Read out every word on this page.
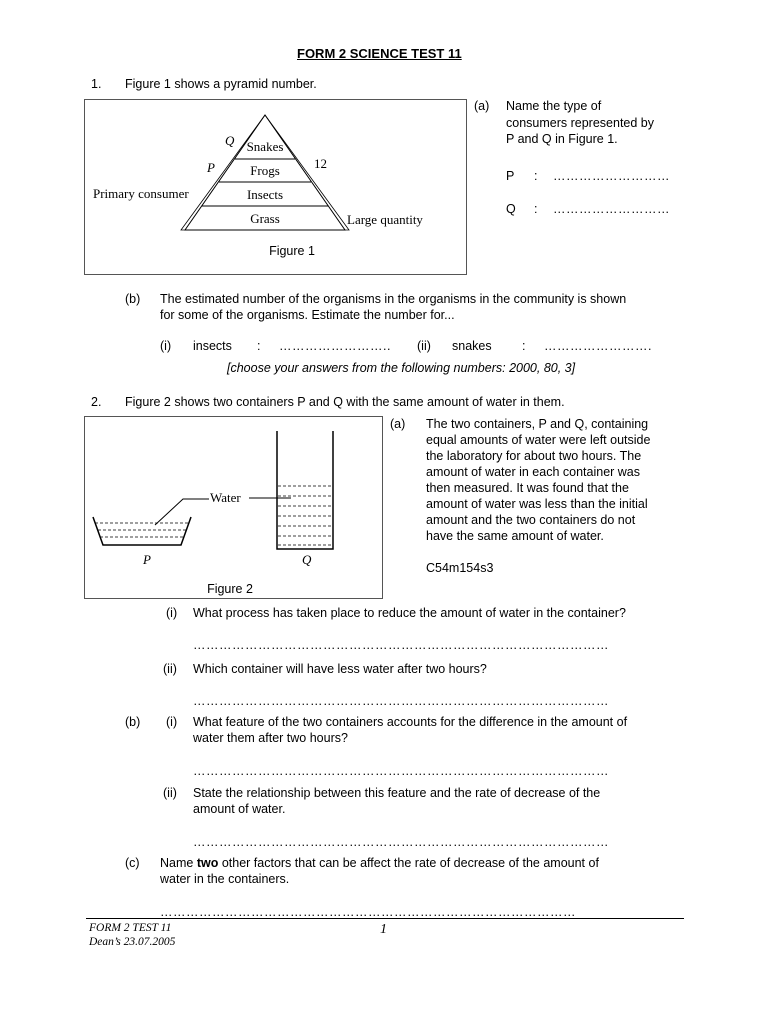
FORM 2 SCIENCE TEST 11
1. Figure 1 shows a pyramid number.
Snakes
Frogs
Insects
Grass
Q
P	12
Primary consumer
Large quantity
Figure 1
(a) Name the type of
consumers represented by
P and Q in Figure 1.
P : ………………………
Q : ………………………
(b) The estimated number of the organisms in the organisms in the community is shown
for some of the organisms. Estimate the number for...
(i) insects : …………………….. (ii) snakes : …………………….
[choose your answers from the following numbers: 2000, 80, 3]
2. Figure 2 shows two containers P and Q with the same amount of water in them.
Water
P	Q
Figure 2
(a) The two containers, P and Q, containing
equal amounts of water were left outside
the laboratory for about two hours. The
amount of water in each container was
then measured. It was found that the
amount of water was less than the initial
amount and the two containers do not
have the same amount of water.
C54m154s3
(i) What process has taken place to reduce the amount of water in the container?
……………………………………………………………………………………
(ii) Which container will have less water after two hours?
……………………………………………………………………………………
(b) (i) What feature of the two containers accounts for the difference in the amount of
water them after two hours?
……………………………………………………………………………………
(ii) State the relationship between this feature and the rate of decrease of the
amount of water.
……………………………………………………………………………………
(c) Name two other factors that can be affect the rate of decrease of the amount of
water in the containers.
……………………………………………………………………………………
FORM 2 TEST 11
Dean’s 23.07.2005
1
